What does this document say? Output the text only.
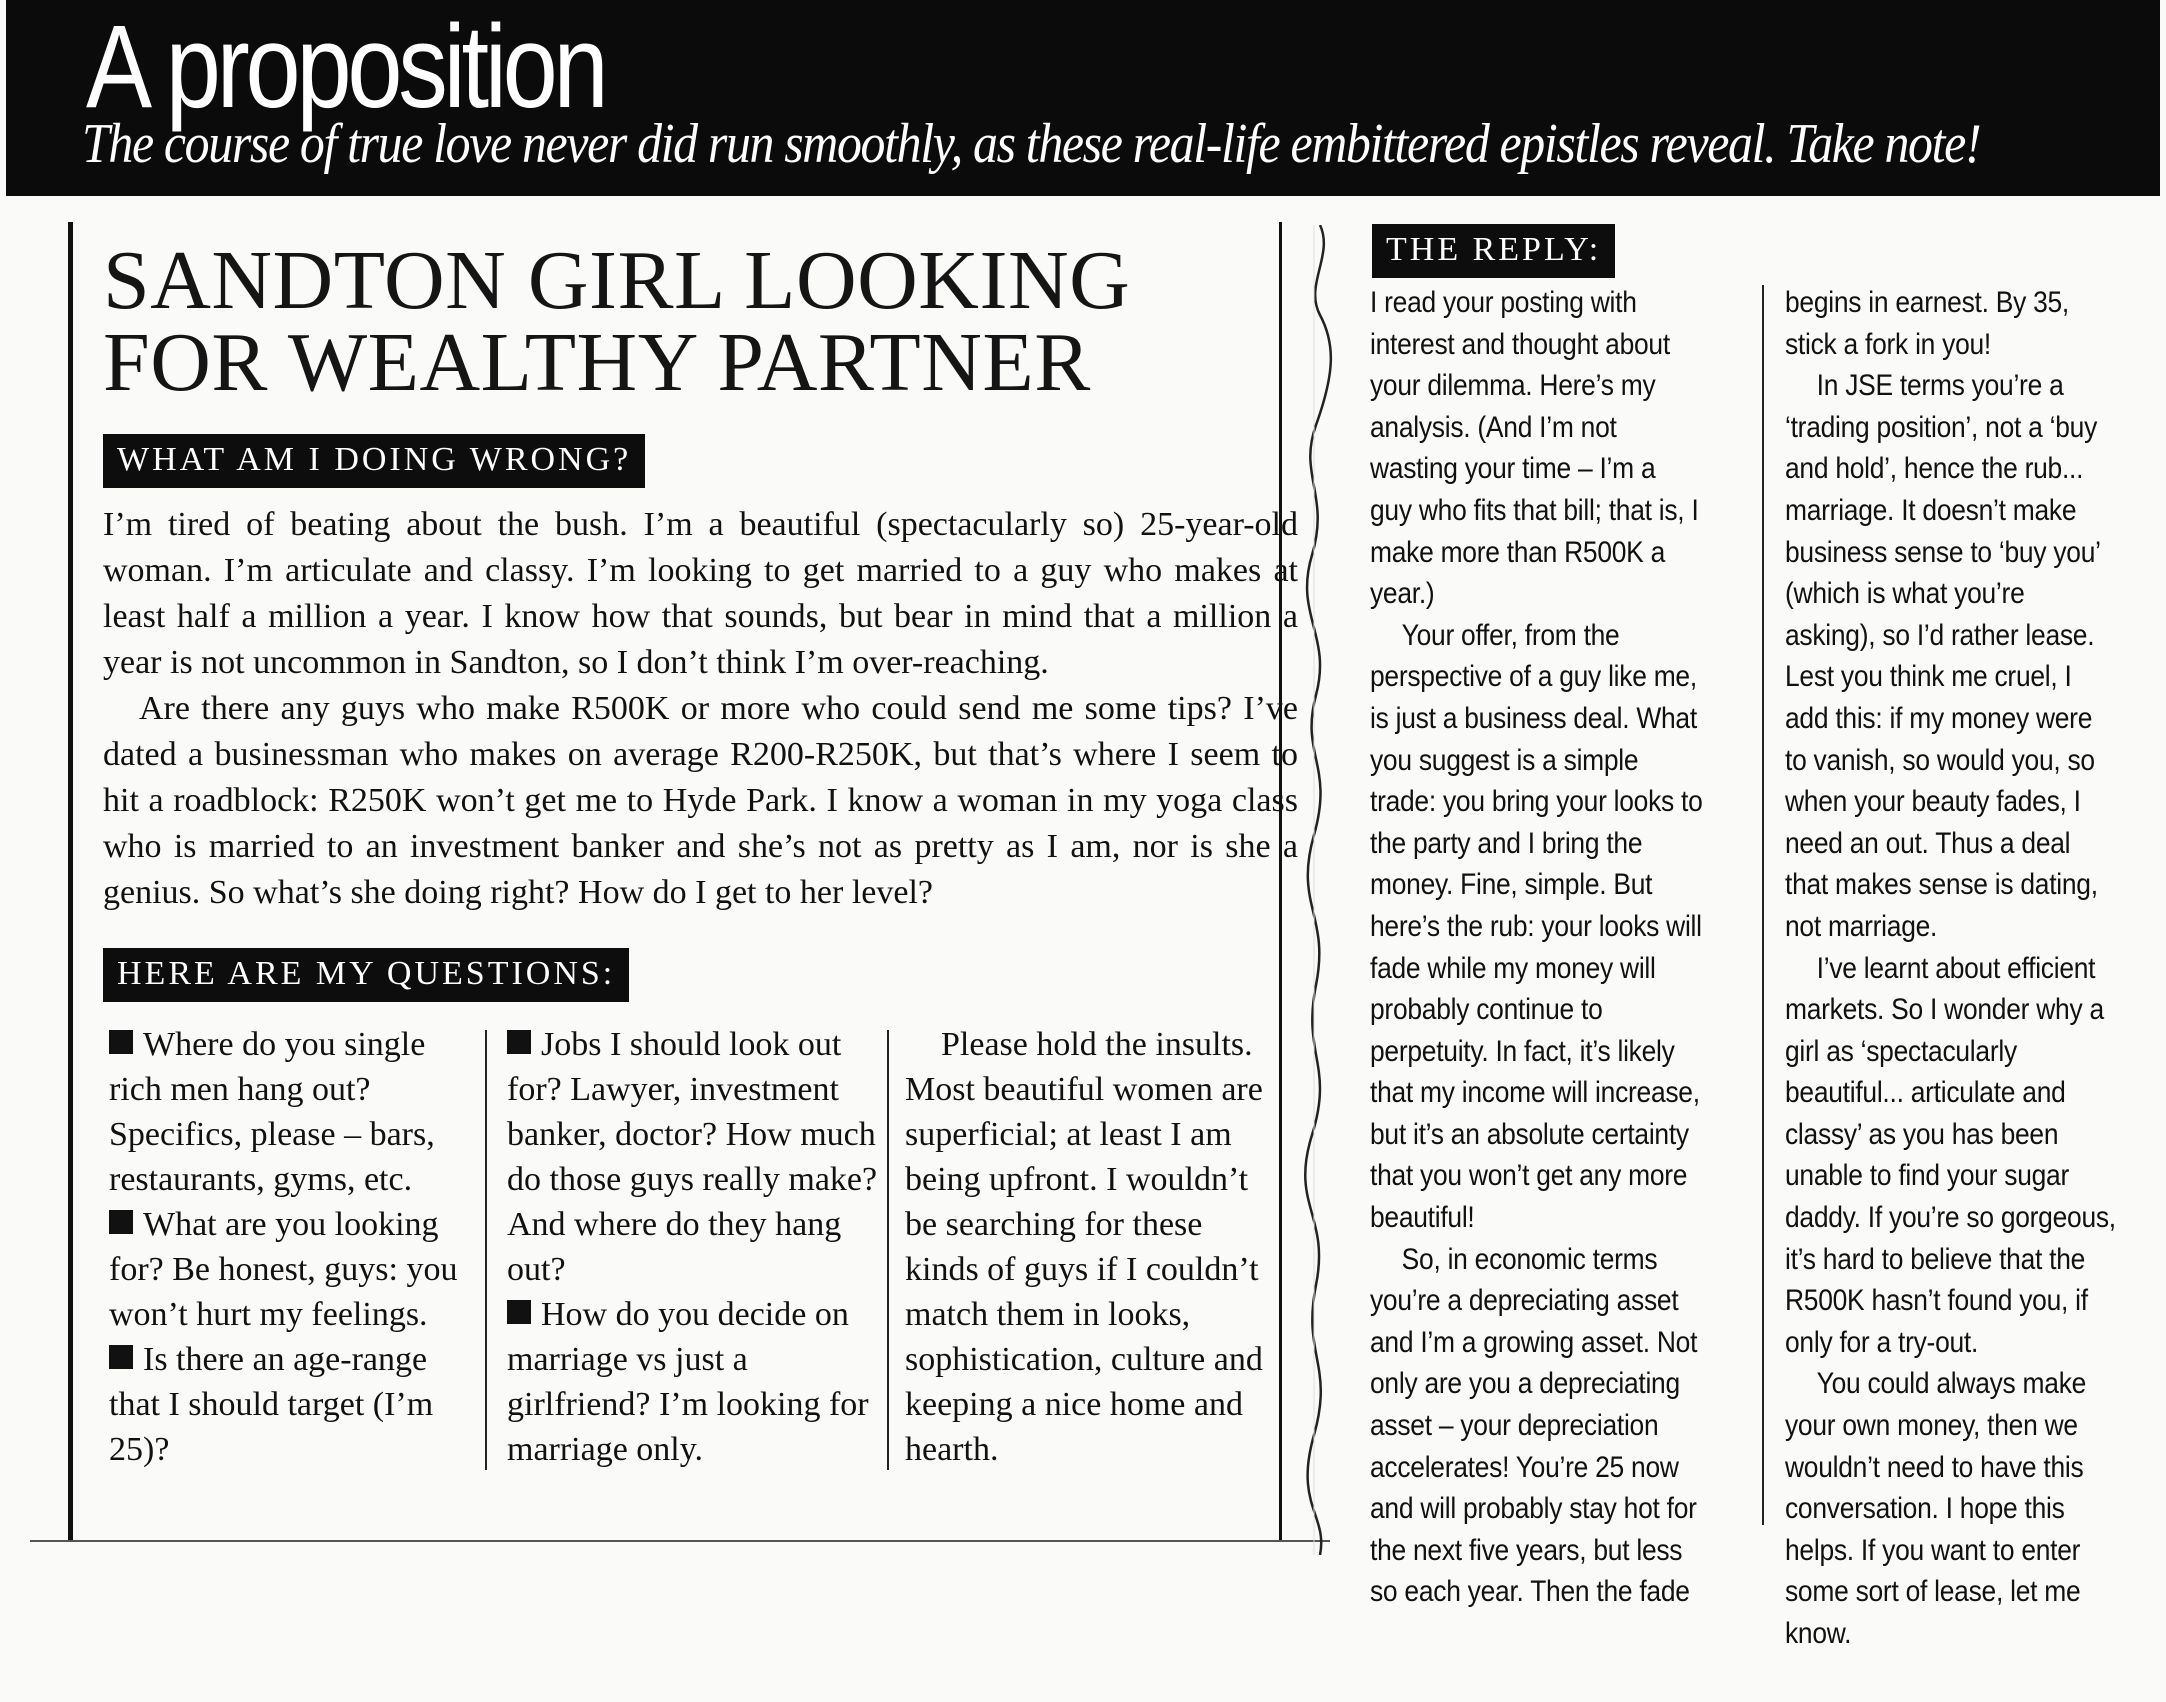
A proposition
The course of true love never did run smoothly, as these real-life embittered epistles reveal. Take note!
SANDTON GIRL LOOKING
FOR WEALTHY PARTNER
WHAT AM I DOING WRONG?

I’m tired of beating about the bush. I’m a beautiful (spectacularly so) 25-year-old woman. I’m articulate and classy. I’m looking to get married to a guy who makes at least half a million a year. I know how that sounds, but bear in mind that a million a year is not uncommon in Sandton, so I don’t think I’m over-reaching.

Are there any guys who make R500K or more who could send me some tips? I’ve dated a businessman who makes on average R200-R250K, but that’s where I seem to hit a roadblock: R250K won’t get me to Hyde Park. I know a woman in my yoga class who is married to an investment banker and she’s not as pretty as I am, nor is she a genius. So what’s she doing right? How do I get to her level?

HERE ARE MY QUESTIONS:

Where do you single rich men hang out? Specifics, please – bars, restaurants, gyms, etc.

What are you looking for? Be honest, guys: you won’t hurt my feelings.

Is there an age-range that I should target (I’m 25)?

Jobs I should look out for? Lawyer, investment banker, doctor? How much do those guys really make? And where do they hang out?

How do you decide on marriage vs just a girlfriend? I’m looking for marriage only.

Please hold the insults. Most beautiful women are superficial; at least I am being upfront. I wouldn’t be searching for these kinds of guys if I couldn’t match them in looks, sophistication, culture and keeping a nice home and hearth.
THE REPLY:

I read your posting with interest and thought about your dilemma. Here’s my analysis. (And I’m not wasting your time – I’m a guy who fits that bill; that is, I make more than R500K a year.)

Your offer, from the perspective of a guy like me, is just a business deal. What you suggest is a simple trade: you bring your looks to the party and I bring the money. Fine, simple. But here’s the rub: your looks will fade while my money will probably continue to perpetuity. In fact, it’s likely that my income will increase, but it’s an absolute certainty that you won’t get any more beautiful!

So, in economic terms you’re a depreciating asset and I’m a growing asset. Not only are you a depreciating asset – your depreciation accelerates! You’re 25 now and will probably stay hot for the next five years, but less so each year. Then the fade

begins in earnest. By 35, stick a fork in you!

In JSE terms you’re a ‘trading position’, not a ‘buy and hold’, hence the rub... marriage. It doesn’t make business sense to ‘buy you’ (which is what you’re asking), so I’d rather lease. Lest you think me cruel, I add this: if my money were to vanish, so would you, so when your beauty fades, I need an out. Thus a deal that makes sense is dating, not marriage.

I’ve learnt about efficient markets. So I wonder why a girl as ‘spectacularly beautiful... articulate and classy’ as you has been unable to find your sugar daddy. If you’re so gorgeous, it’s hard to believe that the R500K hasn’t found you, if only for a try-out.

You could always make your own money, then we wouldn’t need to have this conversation. I hope this helps. If you want to enter some sort of lease, let me know.
